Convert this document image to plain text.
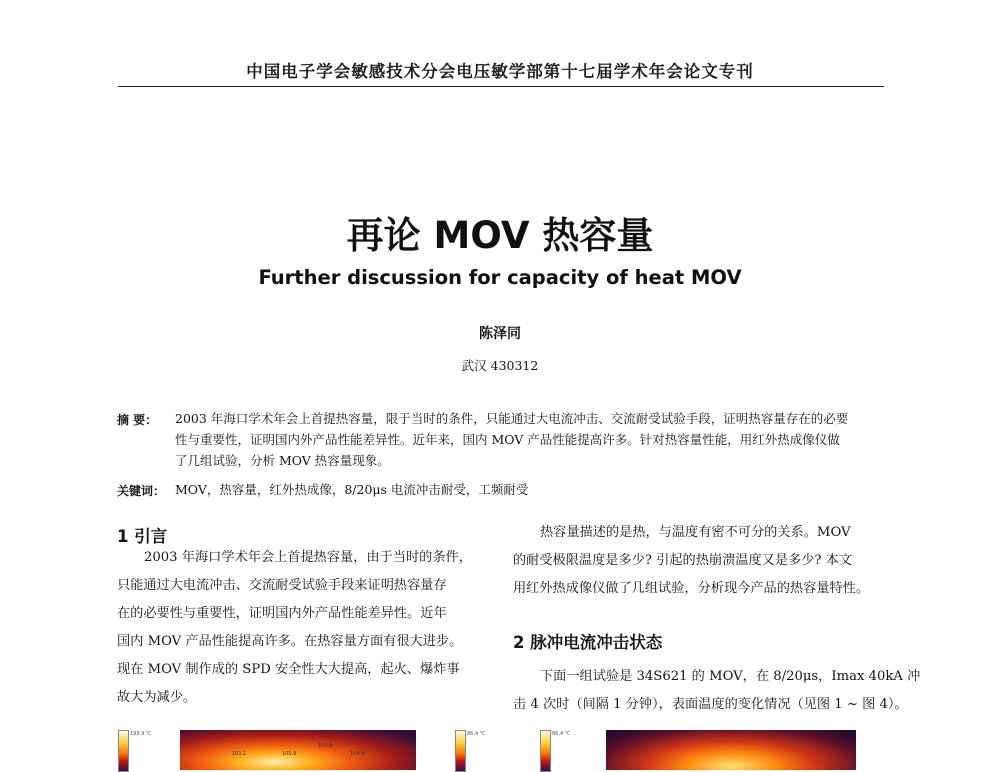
中国电子学会敏感技术分会电压敏学部第十七届学术年会论文专刊
再论 MOV 热容量
Further discussion for capacity of heat MOV
陈泽同
武汉 430312
摘 要： 2003 年海口学术年会上首提热容量，限于当时的条件，只能通过大电流冲击、交流耐受试验手段，证明热容量存在的必要
性与重要性，证明国内外产品性能差异性。近年来，国内 MOV 产品性能提高许多。针对热容量性能，用红外热成像仪做
了几组试验，分析 MOV 热容量现象。
关键词： MOV，热容量，红外热成像，8/20μs 电流冲击耐受，工频耐受
1 引言
2003 年海口学术年会上首提热容量，由于当时的条件，
只能通过大电流冲击、交流耐受试验手段来证明热容量存
在的必要性与重要性，证明国内外产品性能差异性。近年
国内 MOV 产品性能提高许多。在热容量方面有很大进步。
现在 MOV 制作成的 SPD 安全性大大提高，起火、爆炸事
故大为减少。
热容量描述的是热，与温度有密不可分的关系。MOV
的耐受极限温度是多少? 引起的热崩溃温度又是多少? 本文
用红外热成像仪做了几组试验，分析现今产品的热容量特性。
2 脉冲电流冲击状态
下面一组试验是 34S621 的 MOV，在 8/20μs，Imax 40kA 冲
击 4 次时（间隔 1 分钟），表面温度的变化情况（见图 1 ~ 图 4）。
199.9 ℃
104.8
101.1	105.9	104.4
86.4 ℃	86.4 ℃
